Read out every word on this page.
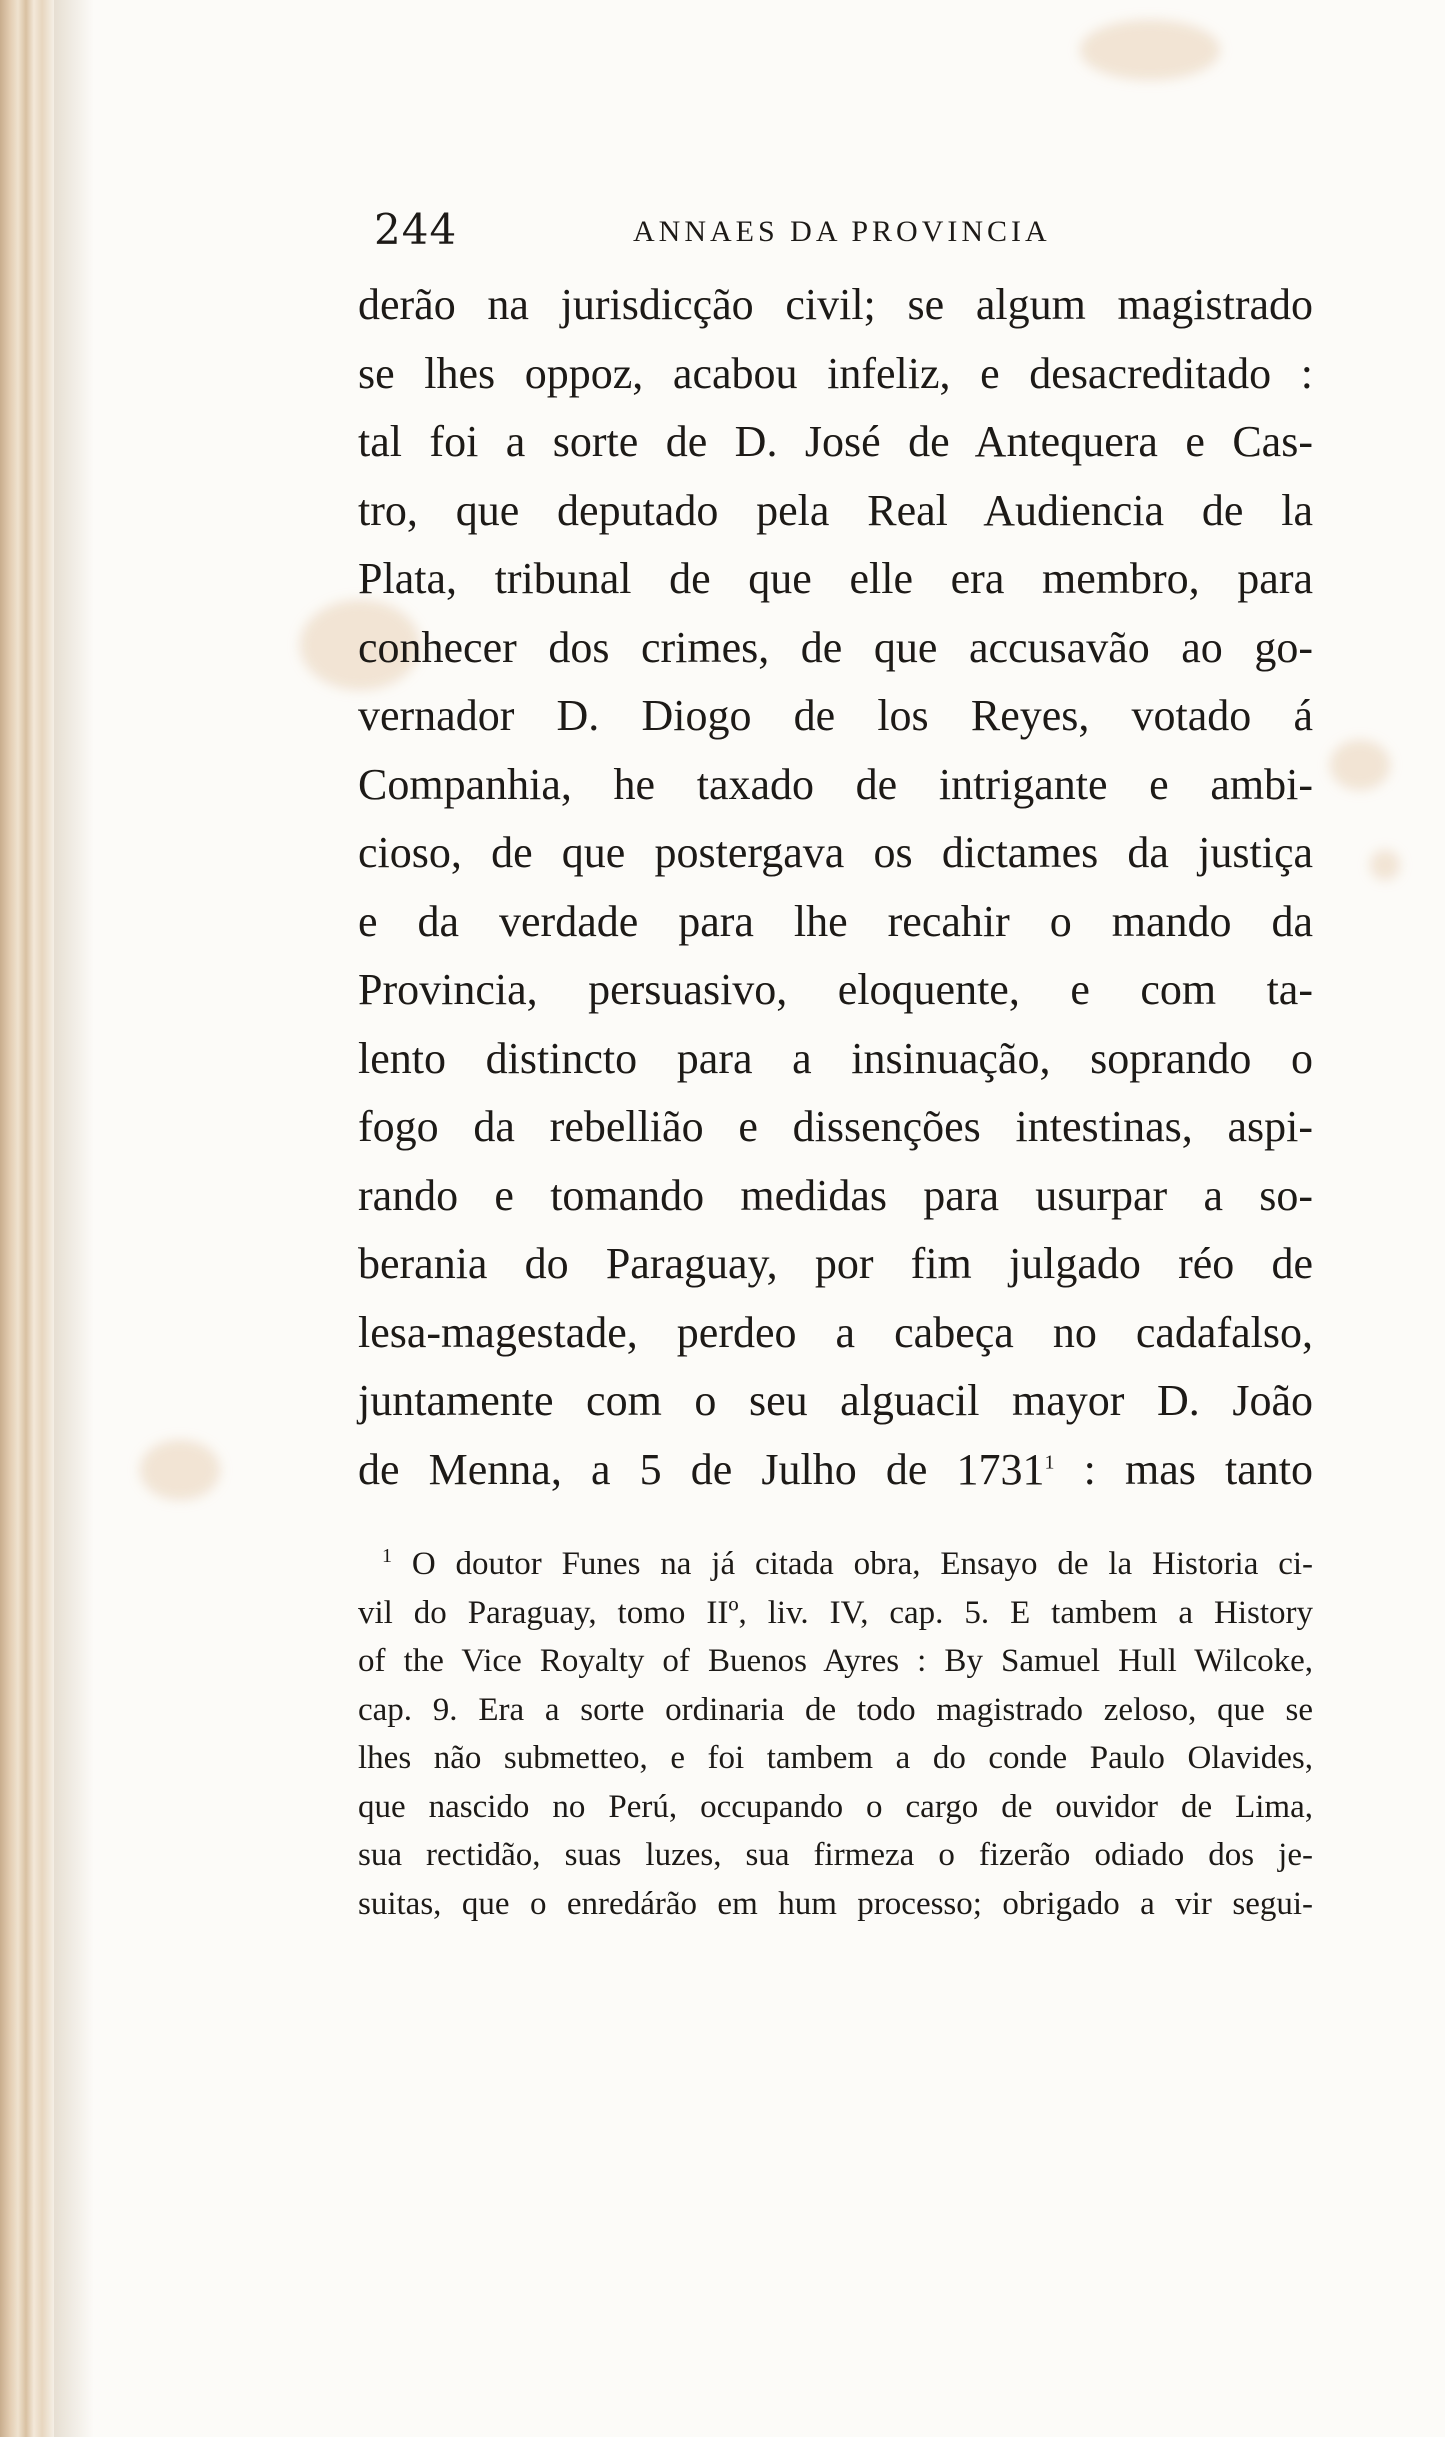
244	ANNAES DA PROVINCIA
derão na jurisdicção civil; se algum magistrado
se lhes oppoz, acabou infeliz, e desacreditado :
tal foi a sorte de D. José de Antequera e Cas-
tro, que deputado pela Real Audiencia de la
Plata, tribunal de que elle era membro, para
conhecer dos crimes, de que accusavão ao go-
vernador D. Diogo de los Reyes, votado á
Companhia, he taxado de intrigante e ambi-
cioso, de que postergava os dictames da justiça
e da verdade para lhe recahir o mando da
Provincia, persuasivo, eloquente, e com ta-
lento distincto para a insinuação, soprando o
fogo da rebellião e dissenções intestinas, aspi-
rando e tomando medidas para usurpar a so-
berania do Paraguay, por fim julgado réo de
lesa-magestade, perdeo a cabeça no cadafalso,
juntamente com o seu alguacil mayor D. João
de Menna, a 5 de Julho de 1731$^1$ : mas tanto
$^1$ O doutor Funes na já citada obra, Ensayo de la Historia ci-
vil do Paraguay, tomo IIº, liv. IV, cap. 5. E tambem a History
of the Vice Royalty of Buenos Ayres : By Samuel Hull Wilcoke,
cap. 9. Era a sorte ordinaria de todo magistrado zeloso, que se
lhes não submetteo, e foi tambem a do conde Paulo Olavides,
que nascido no Perú, occupando o cargo de ouvidor de Lima,
sua rectidão, suas luzes, sua firmeza o fizerão odiado dos je-
suitas, que o enredárão em hum processo; obrigado a vir segui-
